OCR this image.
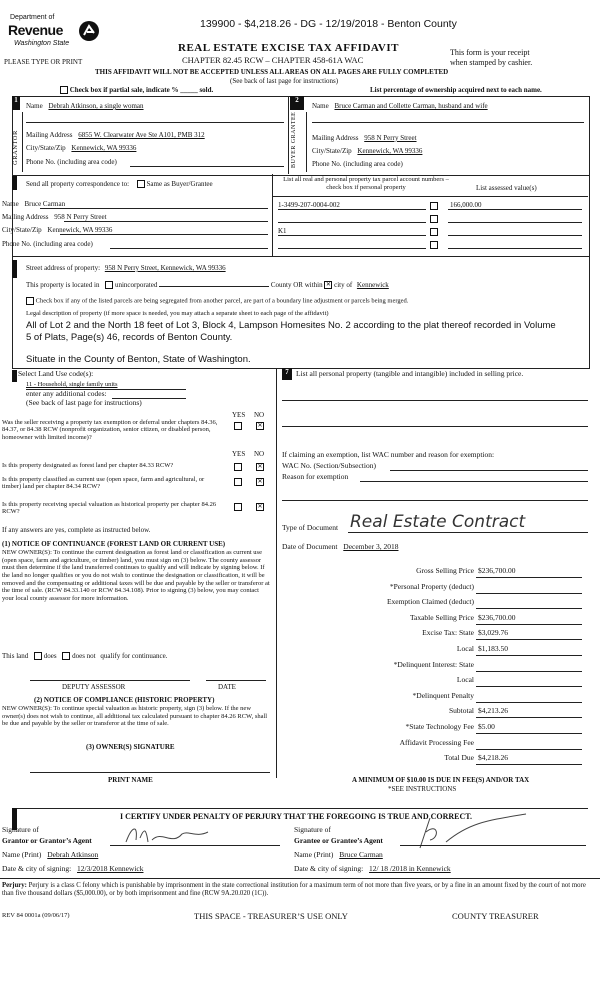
Department of
Revenue
Washington State
139900 - $4,218.26 - DG - 12/19/2018 - Benton County
REAL ESTATE EXCISE TAX AFFIDAVIT
CHAPTER 82.45 RCW – CHAPTER 458-61A WAC
This form is your receipt
when stamped by cashier.
PLEASE TYPE OR PRINT
THIS AFFIDAVIT WILL NOT BE ACCEPTED UNLESS ALL AREAS ON ALL PAGES ARE FULLY COMPLETED
(See back of last page for instructions)
Check box if partial sale, indicate % _____ sold.	List percentage of ownership acquired next to each name.
1	2
GRANTOR
Name Debrah Atkinson, a single woman
Mailing Address 6855 W. Clearwater Ave Ste A101, PMB 312
City/State/Zip Kennewick, WA 99336
Phone No. (including area code)	BUYER GRANTEE
Name Bruce Carman and Collette Carman, husband and wife
Mailing Address 958 N Perry Street
City/State/Zip Kennewick, WA 99336
Phone No. (including area code)
Send all property correspondence to:	Same as Buyer/Grantee
Name Bruce Carman
Mailing Address 958 N Perry Street
City/State/Zip Kennewick, WA 99336
Phone No. (including area code)
List all real and personal property tax parcel account numbers – check box if personal property	List assessed value(s)
1-3499-207-0004-002	166,000.00
K1
Street address of property: 958 N Perry Street, Kennewick, WA 99336
This property is located in unincorporated	County OR within ✕ city of Kennewick
Check box if any of the listed parcels are being segregated from another parcel, are part of a boundary line adjustment or parcels being merged.
Legal description of property (if more space is needed, you may attach a separate sheet to each page of the affidavit)
All of Lot 2 and the North 18 feet of Lot 3, Block 4, Lampson Homesites No. 2 according to the plat thereof recorded in Volume
5 of Plats, Page(s) 46, records of Benton County.
Situate in the County of Benton, State of Washington.
Select Land Use code(s):
11 - Household, single family units
enter any additional codes:
(See back of last page for instructions)
YES NO
Was the seller receiving a property tax exemption or deferral under chapters 84.36, 84.37, or 84.38 RCW (nonprofit organization, senior citizen, or disabled person, homeowner with limited income)?
✕
YES NO
Is this property designated as forest land per chapter 84.33 RCW?	✕
Is this property classified as current use (open space, farm and agricultural, or timber) land per chapter 84.34 RCW?
✕
Is this property receiving special valuation as historical property per chapter 84.26 RCW?
✕
If any answers are yes, complete as instructed below.
(1) NOTICE OF CONTINUANCE (FOREST LAND OR CURRENT USE)
NEW OWNER(S): To continue the current designation as forest land or classification as current use (open space, farm and agriculture, or timber) land, you must sign on (3) below. The county assessor must then determine if the land transferred continues to qualify and will indicate by signing below. If the land no longer qualifies or you do not wish to continue the designation or classification, it will be removed and the compensating or additional taxes will be due and payable by the seller or transferor at the time of sale. (RCW 84.33.140 or RCW 84.34.108). Prior to signing (3) below, you may contact your local county assessor for more information.
This land does does not qualify for continuance.
DEPUTY ASSESSOR	DATE
(2) NOTICE OF COMPLIANCE (HISTORIC PROPERTY)
NEW OWNER(S): To continue special valuation as historic property, sign (3) below. If the new owner(s) does not wish to continue, all additional tax calculated pursuant to chapter 84.26 RCW, shall be due and payable by the seller or transferor at the time of sale.
(3) OWNER(S) SIGNATURE
PRINT NAME
7 List all personal property (tangible and intangible) included in selling price.
If claiming an exemption, list WAC number and reason for exemption:
WAC No. (Section/Subsection)
Reason for exemption
Type of Document Real Estate Contract
Date of Document December 3, 2018
Gross Selling Price $236,700.00
*Personal Property (deduct)
Exemption Claimed (deduct)
Taxable Selling Price $236,700.00
Excise Tax: State $3,029.76
Local $1,183.50
*Delinquent Interest: State
Local
*Delinquent Penalty
Subtotal $4,213.26
*State Technology Fee $5.00
Affidavit Processing Fee
Total Due $4,218.26
A MINIMUM OF $10.00 IS DUE IN FEE(S) AND/OR TAX
*SEE INSTRUCTIONS
I CERTIFY UNDER PENALTY OF PERJURY THAT THE FOREGOING IS TRUE AND CORRECT.
Signature of
Grantor or Grantor’s Agent
Name (Print) Debrah Atkinson
Date & city of signing: 12/3/2018 Kennewick
Signature of
Grantee or Grantee’s Agent
Name (Print) Bruce Carman
Date & city of signing: 12/ 18 /2018 in Kennewick
Perjury: Perjury is a class C felony which is punishable by imprisonment in the state correctional institution for a maximum term of not more than five years, or by a fine in an amount fixed by the court of not more than five thousand dollars ($5,000.00), or by both imprisonment and fine (RCW 9A.20.020 (1C)).
REV 84 0001a (09/06/17)	THIS SPACE - TREASURER’S USE ONLY	COUNTY TREASURER
